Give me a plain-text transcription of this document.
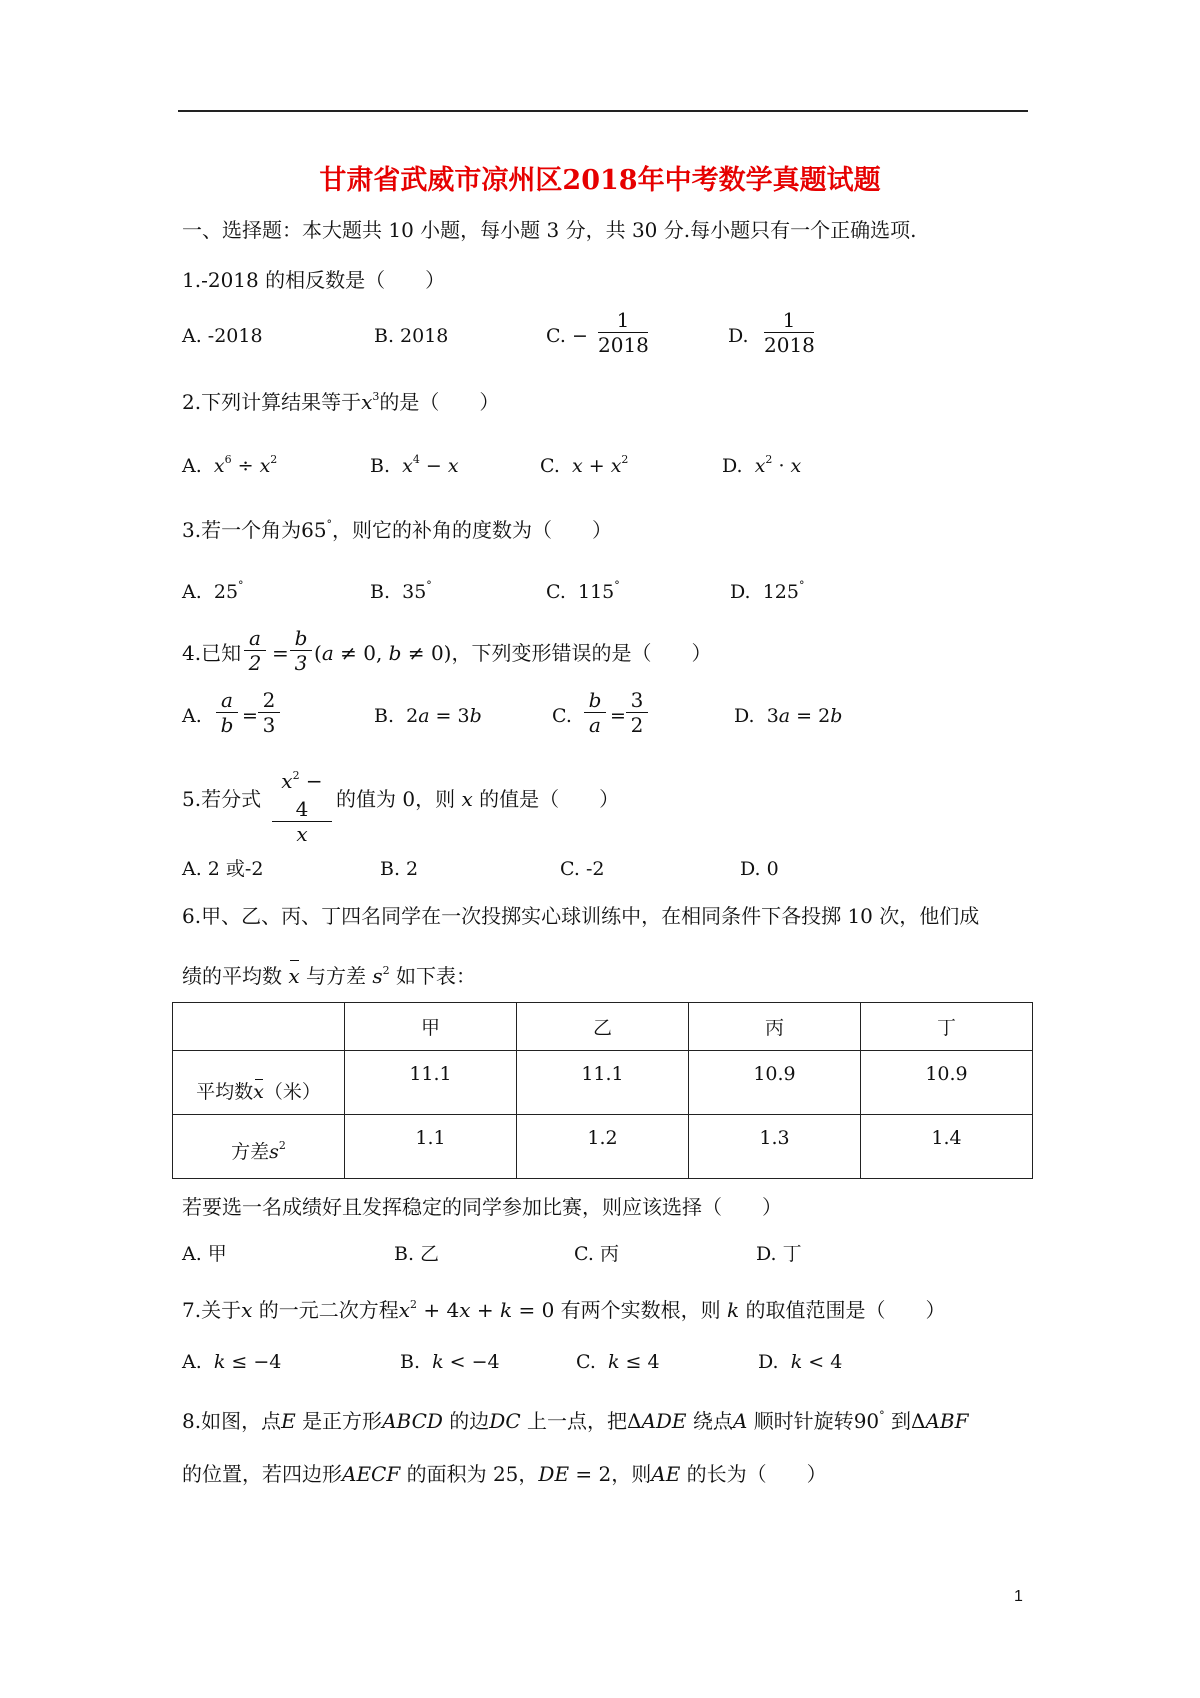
甘肃省武威市凉州区2018年中考数学真题试题
一、选择题：本大题共 10 小题，每小题 3 分，共 30 分.每小题只有一个正确选项.
1.-2018 的相反数是（　　）
A. -2018	B. 2018	C. −
1
2018	D.
1
2018
2.下列计算结果等于$x^3$的是（　　）
A.  $x^6 \div x^2$	B.  $x^4 - x$	C.  $x + x^2$	D.  $x^2 \cdot x$
3.若一个角为65°，则它的补角的度数为（　　）
A. 25°	B. 35°	C. 115°	D. 125°
4.已知
a
2 =
b
3 (a ≠ 0, b ≠ 0)，下列变形错误的是（　　）
A.
a
b =
2
3	B.  2a = 3b	C.
b
a =
3
2	D.  3a = 2b
5.若分式
$x^2 - 4$
x
的值为 0，则 x 的值是（　　）
A. 2 或-2	B. 2	C. -2	D. 0
6.甲、乙、丙、丁四名同学在一次投掷实心球训练中，在相同条件下各投掷 10 次，他们成
绩的平均数 x 与方差 $s^2$ 如下表：
	甲	乙	丙	丁
平均数x（米）	11.1	11.1	10.9	10.9
方差$s^2$	1.1	1.2	1.3	1.4
若要选一名成绩好且发挥稳定的同学参加比赛，则应该选择（　　）
A. 甲	B. 乙	C. 丙	D. 丁
7.关于x 的一元二次方程$x^2 + 4x + k = 0$ 有两个实数根，则 k 的取值范围是（　　）
A. k ≤ −4	B. k < −4	C. k ≤ 4	D. k < 4
8.如图，点E 是正方形ABCD 的边DC 上一点，把ΔADE 绕点A 顺时针旋转90° 到ΔABF
的位置，若四边形AECF 的面积为 25，DE = 2，则AE 的长为（　　）
1
